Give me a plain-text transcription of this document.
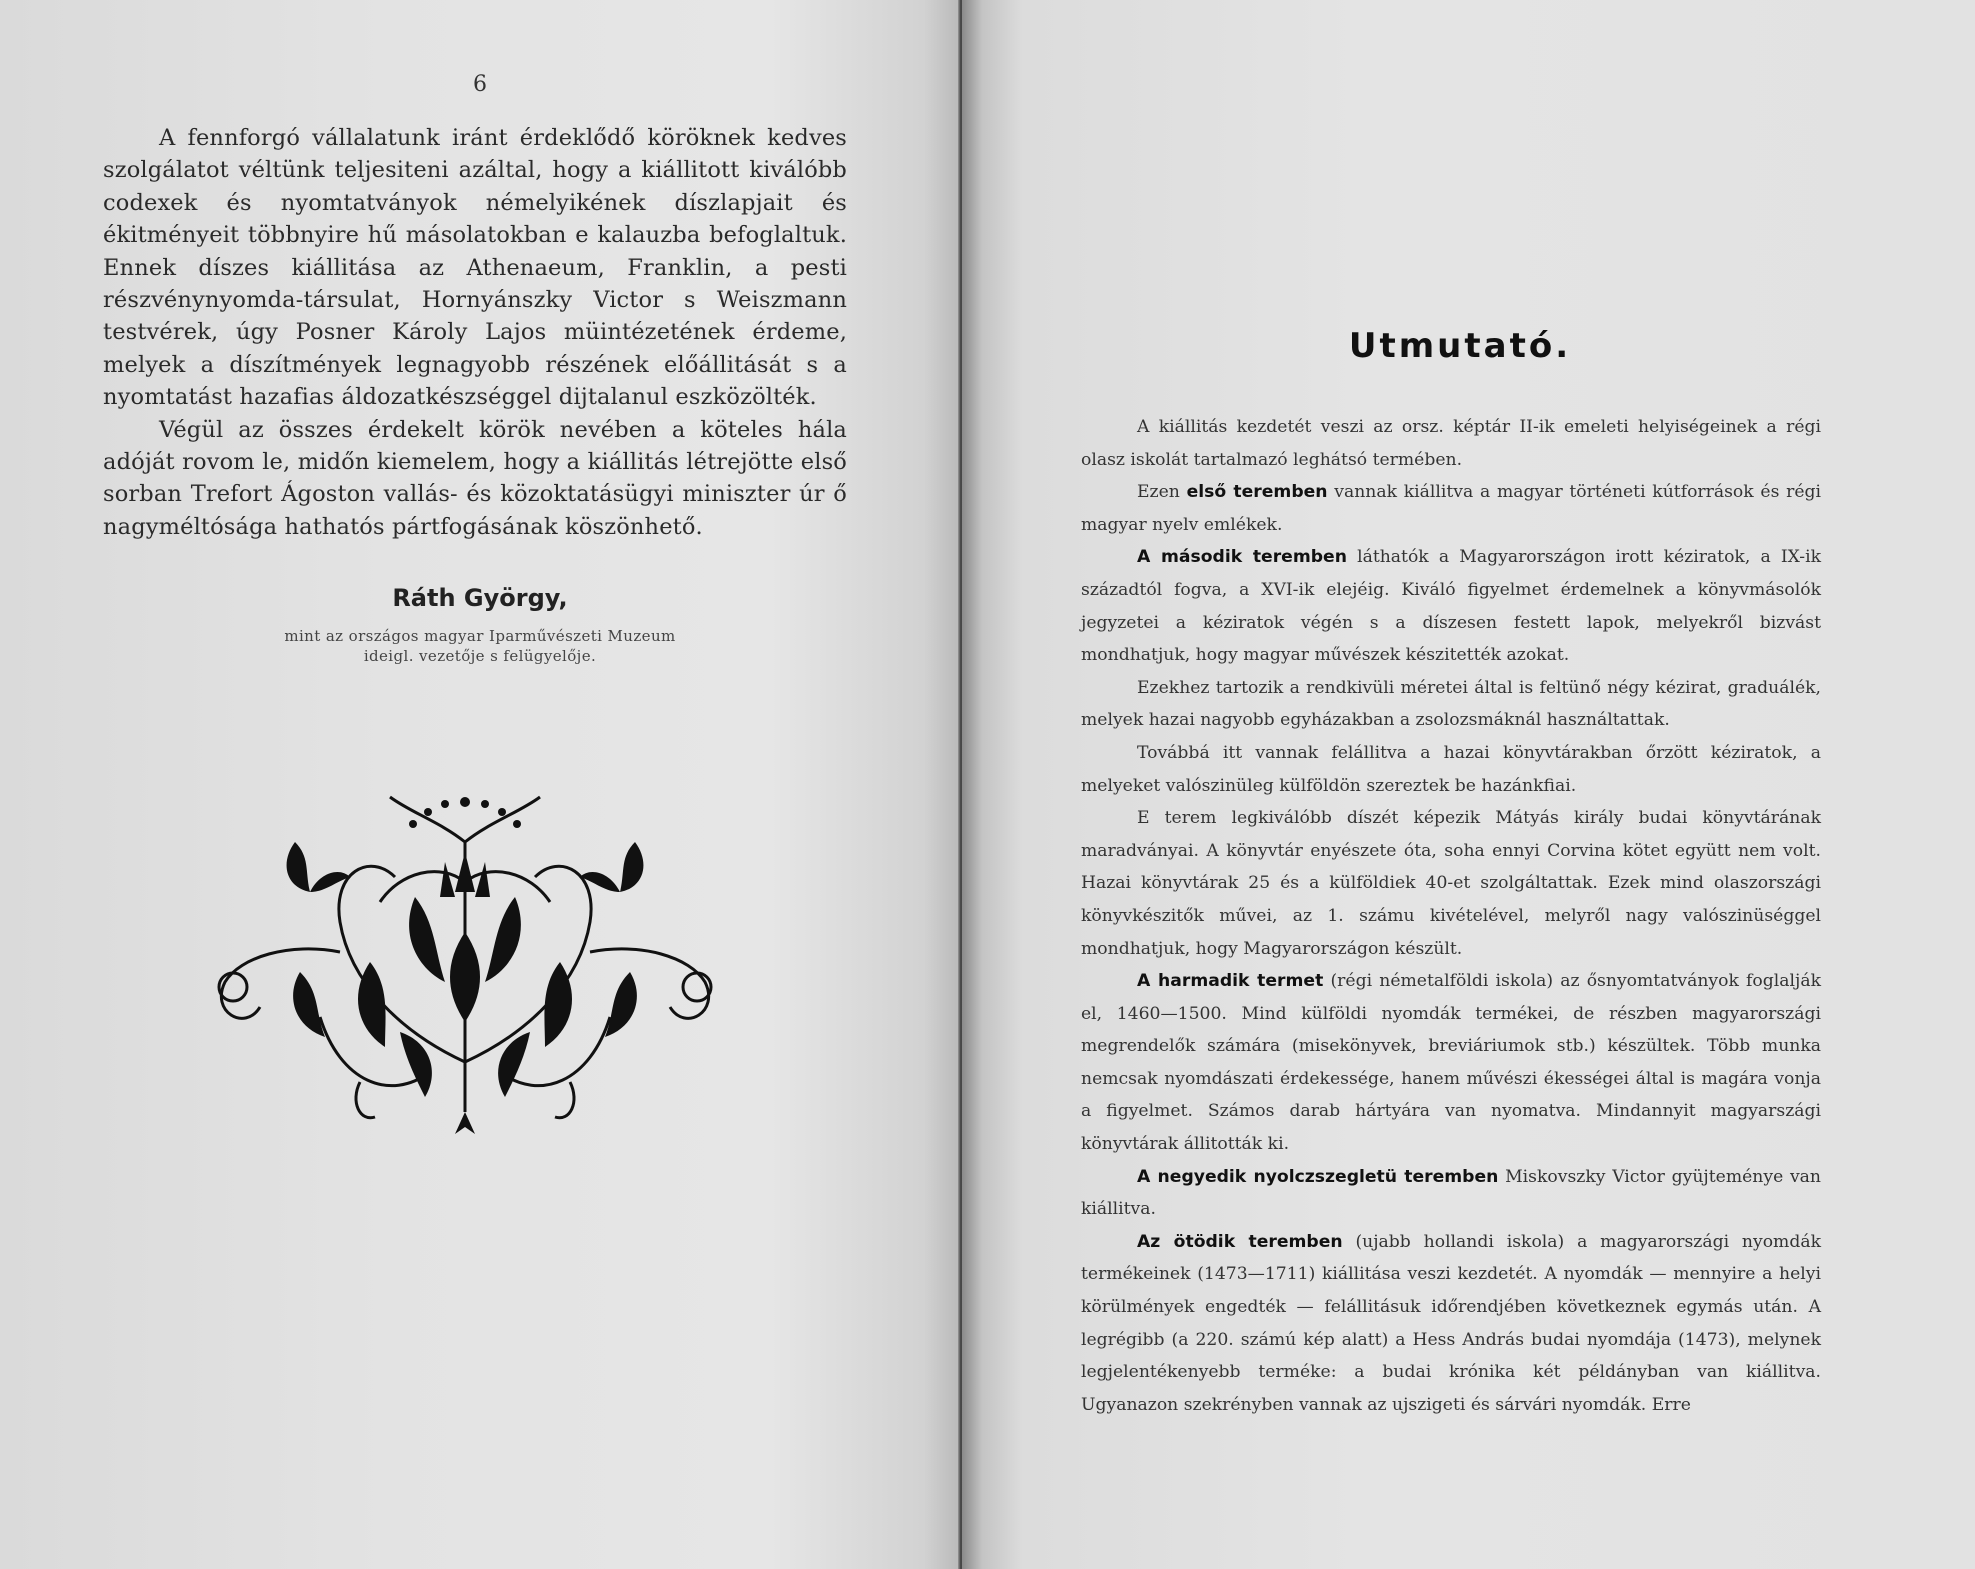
6

A fennforgó vállalatunk iránt érdeklődő köröknek kedves szolgálatot véltünk teljesiteni azáltal, hogy a kiállitott kiválóbb codexek és nyomtatványok némelyikének díszlapjait és ékitményeit többnyire hű másolatokban e kalauzba befoglaltuk. Ennek díszes kiállitása az Athenaeum, Franklin, a pesti részvénynyomda-társulat, Hornyánszky Victor s Weiszmann testvérek, úgy Posner Károly Lajos müintézetének érdeme, melyek a díszítmények legnagyobb részének előállitását s a nyomtatást hazafias áldozatkészséggel dijtalanul eszközölték.

Végül az összes érdekelt körök nevében a köteles hála adóját rovom le, midőn kiemelem, hogy a kiállitás létrejötte első sorban Trefort Ágoston vallás- és közoktatásügyi miniszter úr ő nagyméltósága hathatós pártfogásának köszönhető.

Ráth György,
mint az országos magyar Iparművészeti Muzeum
ideigl. vezetője s felügyelője.
Utmutató.

A kiállitás kezdetét veszi az orsz. képtár II-ik emeleti helyiségeinek a régi olasz iskolát tartalmazó leghátsó termében.

Ezen első teremben vannak kiállitva a magyar történeti kútforrások és régi magyar nyelv emlékek.

A második teremben láthatók a Magyarországon irott kéziratok, a IX-ik századtól fogva, a XVI-ik elejéig. Kiváló figyelmet érdemelnek a könyvmásolók jegyzetei a kéziratok végén s a díszesen festett lapok, melyekről bizvást mondhatjuk, hogy magyar művészek készitették azokat.

Ezekhez tartozik a rendkivüli méretei által is feltünő négy kézirat, graduálék, melyek hazai nagyobb egyházakban a zsolozsmáknál használtattak.

Továbbá itt vannak felállitva a hazai könyvtárakban őrzött kéziratok, a melyeket valószinüleg külföldön szereztek be hazánkfiai.

E terem legkiválóbb díszét képezik Mátyás király budai könyvtárának maradványai. A könyvtár enyészete óta, soha ennyi Corvina kötet együtt nem volt. Hazai könyvtárak 25 és a külföldiek 40-et szolgáltattak. Ezek mind olaszországi könyvkészitők művei, az 1. számu kivételével, melyről nagy valószinüséggel mondhatjuk, hogy Magyarországon készült.

A harmadik termet (régi németalföldi iskola) az ősnyomtatványok foglalják el, 1460—1500. Mind külföldi nyomdák termékei, de részben magyarországi megrendelők számára (misekönyvek, breviáriumok stb.) készültek. Több munka nemcsak nyomdászati érdekessége, hanem művészi ékességei által is magára vonja a figyelmet. Számos darab hártyára van nyomatva. Mindannyit magyarszági könyvtárak állitották ki.

A negyedik nyolczszegletü teremben Miskovszky Victor gyüjteménye van kiállitva.

Az ötödik teremben (ujabb hollandi iskola) a magyarországi nyomdák termékeinek (1473—1711) kiállitása veszi kezdetét. A nyomdák — mennyire a helyi körülmények engedték — felállitásuk időrendjében következnek egymás után. A legrégibb (a 220. számú kép alatt) a Hess András budai nyomdája (1473), melynek legjelentékenyebb terméke: a budai krónika két példányban van kiállitva. Ugyanazon szekrényben vannak az ujszigeti és sárvári nyomdák. Erre
